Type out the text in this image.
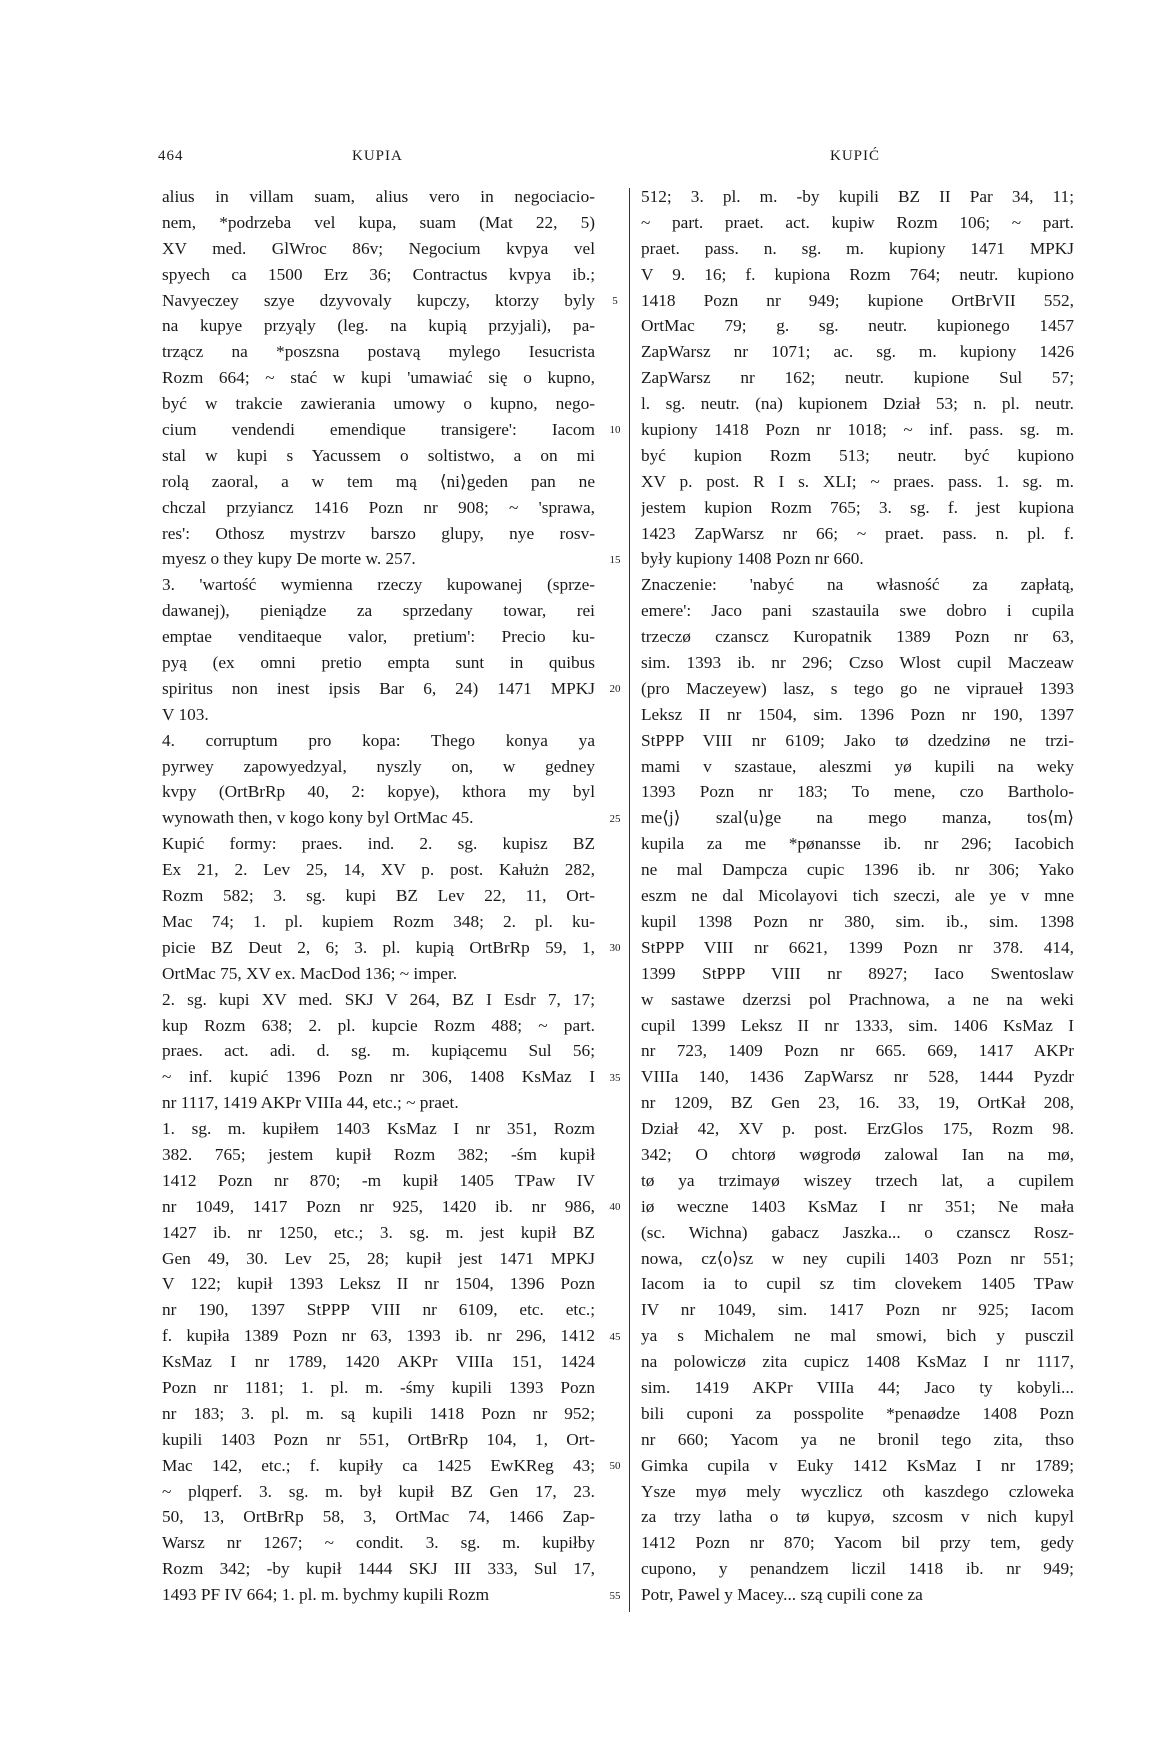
464	KUPIA	KUPIĆ
alius in villam suam, alius vero in negociacio-
nem, *podrzeba vel kupa, suam (Mat 22, 5)
XV med. GlWroc 86v; Negocium kvpya vel
spyech ca 1500 Erz 36; Contractus kvpya ib.;
Navyeczey szye dzyvovaly kupczy, ktorzy byly
na kupye przyąly (leg. na kupią przyjali), pa-
trząсz na *poszsna postavą mylego Iesucrista
Rozm 664; ~ stać w kupi 'umawiać się o kupno,
być w trakcie zawierania umowy o kupno, nego-
cium vendendi emendique transigere': Iacom
stal w kupi s Yacussem o soltistwo, a on mi
rolą zaoral, a w tem mą ⟨ni⟩geden pan ne
chczal przyiancz 1416 Pozn nr 908; ~ 'sprawa,
res': Othosz mystrzv barszo glupy, nye rosv-
myesz o they kupy De morte w. 257.
3. 'wartość wymienna rzeczy kupowanej (sprze-
dawanej), pieniądze za sprzedany towar, rei
emptae venditaeque valor, pretium': Precio ku-
pyą (ex omni pretio empta sunt in quibus
spiritus non inest ipsis Bar 6, 24) 1471 MPKJ
V 103.
4. corruptum pro kopa: Thego konya ya
pyrwey zapowyedzyal, nyszly on, w gedney
kvpy (OrtBrRp 40, 2: kopye), kthora my byl
wynowath then, v kogo kony byl OrtMac 45.
Kupić formy: praes. ind. 2. sg. kupisz BZ
Ex 21, 2. Lev 25, 14, XV p. post. Kałużn 282,
Rozm 582; 3. sg. kupi BZ Lev 22, 11, Ort-
Mac 74; 1. pl. kupiem Rozm 348; 2. pl. ku-
picie BZ Deut 2, 6; 3. pl. kupią OrtBrRp 59, 1,
OrtMac 75, XV ex. MacDod 136; ~ imper.
2. sg. kupi XV med. SKJ V 264, BZ I Esdr 7, 17;
kup Rozm 638; 2. pl. kupcie Rozm 488; ~ part.
praes. act. adi. d. sg. m. kupiącemu Sul 56;
~ inf. kupić 1396 Pozn nr 306, 1408 KsMaz I
nr 1117, 1419 AKPr VIIIa 44, etc.; ~ praet.
1. sg. m. kupiłem 1403 KsMaz I nr 351, Rozm
382. 765; jestem kupił Rozm 382; -śm kupił
1412 Pozn nr 870; -m kupił 1405 TPaw IV
nr 1049, 1417 Pozn nr 925, 1420 ib. nr 986,
1427 ib. nr 1250, etc.; 3. sg. m. jest kupił BZ
Gen 49, 30. Lev 25, 28; kupił jest 1471 MPKJ
V 122; kupił 1393 Leksz II nr 1504, 1396 Pozn
nr 190, 1397 StPPP VIII nr 6109, etc. etc.;
f. kupiła 1389 Pozn nr 63, 1393 ib. nr 296, 1412
KsMaz I nr 1789, 1420 AKPr VIIIa 151, 1424
Pozn nr 1181; 1. pl. m. -śmy kupili 1393 Pozn
nr 183; 3. pl. m. są kupili 1418 Pozn nr 952;
kupili 1403 Pozn nr 551, OrtBrRp 104, 1, Ort-
Mac 142, etc.; f. kupiły ca 1425 EwKReg 43;
~ plqperf. 3. sg. m. był kupił BZ Gen 17, 23.
50, 13, OrtBrRp 58, 3, OrtMac 74, 1466 Zap-
Warsz nr 1267; ~ condit. 3. sg. m. kupiłby
Rozm 342; -by kupił 1444 SKJ III 333, Sul 17,
1493 PF IV 664; 1. pl. m. bychmy kupili Rozm
5
10
15
20
25
30
35
40
45
50
55
512; 3. pl. m. -by kupili BZ II Par 34, 11;
~ part. praet. act. kupiw Rozm 106; ~ part.
praet. pass. n. sg. m. kupiony 1471 MPKJ
V 9. 16; f. kupiona Rozm 764; neutr. kupiono
1418 Pozn nr 949; kupione OrtBrVII 552,
OrtMac 79; g. sg. neutr. kupionego 1457
ZapWarsz nr 1071; ac. sg. m. kupiony 1426
ZapWarsz nr 162; neutr. kupione Sul 57;
l. sg. neutr. (na) kupionem Dział 53; n. pl. neutr.
kupiony 1418 Pozn nr 1018; ~ inf. pass. sg. m.
być kupion Rozm 513; neutr. być kupiono
XV p. post. R I s. XLI; ~ praes. pass. 1. sg. m.
jestem kupion Rozm 765; 3. sg. f. jest kupiona
1423 ZapWarsz nr 66; ~ praet. pass. n. pl. f.
były kupiony 1408 Pozn nr 660.
Znaczenie: 'nabyć na własność za zapłatą,
emere': Jaco pani szastauila swe dobro i cupila
trzeczø czanscz Kuropatnik 1389 Pozn nr 63,
sim. 1393 ib. nr 296; Czso Wlost cupil Maczeaw
(pro Maczeyew) lasz, s tego go ne vipraueł 1393
Leksz II nr 1504, sim. 1396 Pozn nr 190, 1397
StPPP VIII nr 6109; Jako tø dzedzinø ne trzi-
mami v szastaue, aleszmi yø kupili na weky
1393 Pozn nr 183; To mene, czo Bartholo-
me⟨j⟩ szal⟨u⟩ge na mego manza, tos⟨m⟩
kupila za me *pønansse ib. nr 296; Iacobich
ne mal Dampcza cupic 1396 ib. nr 306; Yako
eszm ne dal Micolayovi tich szeczi, ale ye v mne
kupil 1398 Pozn nr 380, sim. ib., sim. 1398
StPPP VIII nr 6621, 1399 Pozn nr 378. 414,
1399 StPPP VIII nr 8927; Iaco Swentoslaw
w sastawe dzerzsi pol Prachnowa, a ne na weki
cupil 1399 Leksz II nr 1333, sim. 1406 KsMaz I
nr 723, 1409 Pozn nr 665. 669, 1417 AKPr
VIIIa 140, 1436 ZapWarsz nr 528, 1444 Pyzdr
nr 1209, BZ Gen 23, 16. 33, 19, OrtKał 208,
Dział 42, XV p. post. ErzGlos 175, Rozm 98.
342; O chtorø wøgrodø zalowal Ian na mø,
tø ya trzimayø wiszey trzech lat, a cupilem
iø weczne 1403 KsMaz I nr 351; Ne mała
(sc. Wichna) gabacz Jaszka... o czanscz Rosz-
nowa, cz⟨o⟩sz w ney cupili 1403 Pozn nr 551;
Iacom ia to cupil sz tim clovekem 1405 TPaw
IV nr 1049, sim. 1417 Pozn nr 925; Iacom
ya s Michalem ne mal smowi, bich y pusczil
na polowiczø zita cupicz 1408 KsMaz I nr 1117,
sim. 1419 AKPr VIIIa 44; Jaco ty kobyli...
bili cuponi za posspolite *penaødze 1408 Pozn
nr 660; Yacom ya ne bronil tego zita, thso
Gimka cupila v Euky 1412 KsMaz I nr 1789;
Ysze myø mely wyczlicz oth kaszdego czloweka
za trzy latha o tø kupyø, szcosm v nich kupyl
1412 Pozn nr 870; Yacom bil przy tem, gedy
cupono, y penandzem liczil 1418 ib. nr 949;
Potr, Pawel y Macey... szą cupili cone za
